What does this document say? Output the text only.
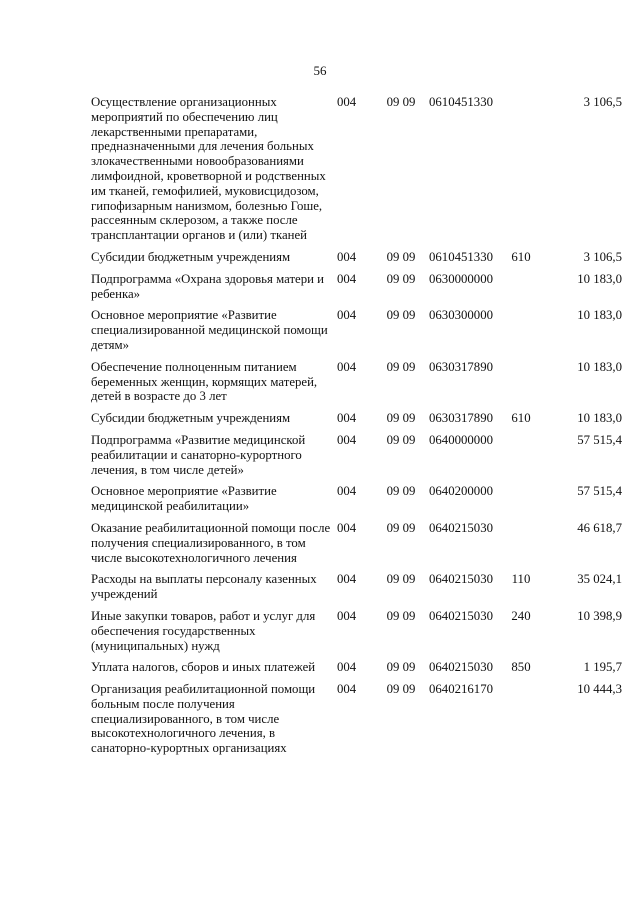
56
Осуществление организационных мероприятий по обеспечению лиц лекарственными препаратами, предназначенными для лечения больных злокачественными новообразованиями лимфоидной, кроветворной и родственных им тканей, гемофилией, муковисцидозом, гипофизарным нанизмом, болезнью Гоше, рассеянным склерозом, а также после трансплантации органов и (или) тканей	004	09 09	0610451330		3 106,5
Субсидии бюджетным учреждениям	004	09 09	0610451330	610	3 106,5
Подпрограмма «Охрана здоровья матери и ребенка»	004	09 09	0630000000		10 183,0
Основное мероприятие «Развитие специализированной медицинской помощи детям»	004	09 09	0630300000		10 183,0
Обеспечение полноценным питанием беременных женщин, кормящих матерей, детей в возрасте до 3 лет	004	09 09	0630317890		10 183,0
Субсидии бюджетным учреждениям	004	09 09	0630317890	610	10 183,0
Подпрограмма «Развитие медицинской реабилитации и санаторно-курортного лечения, в том числе детей»	004	09 09	0640000000		57 515,4
Основное мероприятие «Развитие медицинской реабилитации»	004	09 09	0640200000		57 515,4
Оказание реабилитационной помощи после получения специализированного, в том числе высокотехнологичного лечения	004	09 09	0640215030		46 618,7
Расходы на выплаты персоналу казенных учреждений	004	09 09	0640215030	110	35 024,1
Иные закупки товаров, работ и услуг для обеспечения государственных (муниципальных) нужд	004	09 09	0640215030	240	10 398,9
Уплата налогов, сборов и иных платежей	004	09 09	0640215030	850	1 195,7
Организация реабилитационной помощи больным после получения специализированного, в том числе высокотехнологичного лечения, в санаторно-курортных организациях	004	09 09	0640216170		10 444,3
